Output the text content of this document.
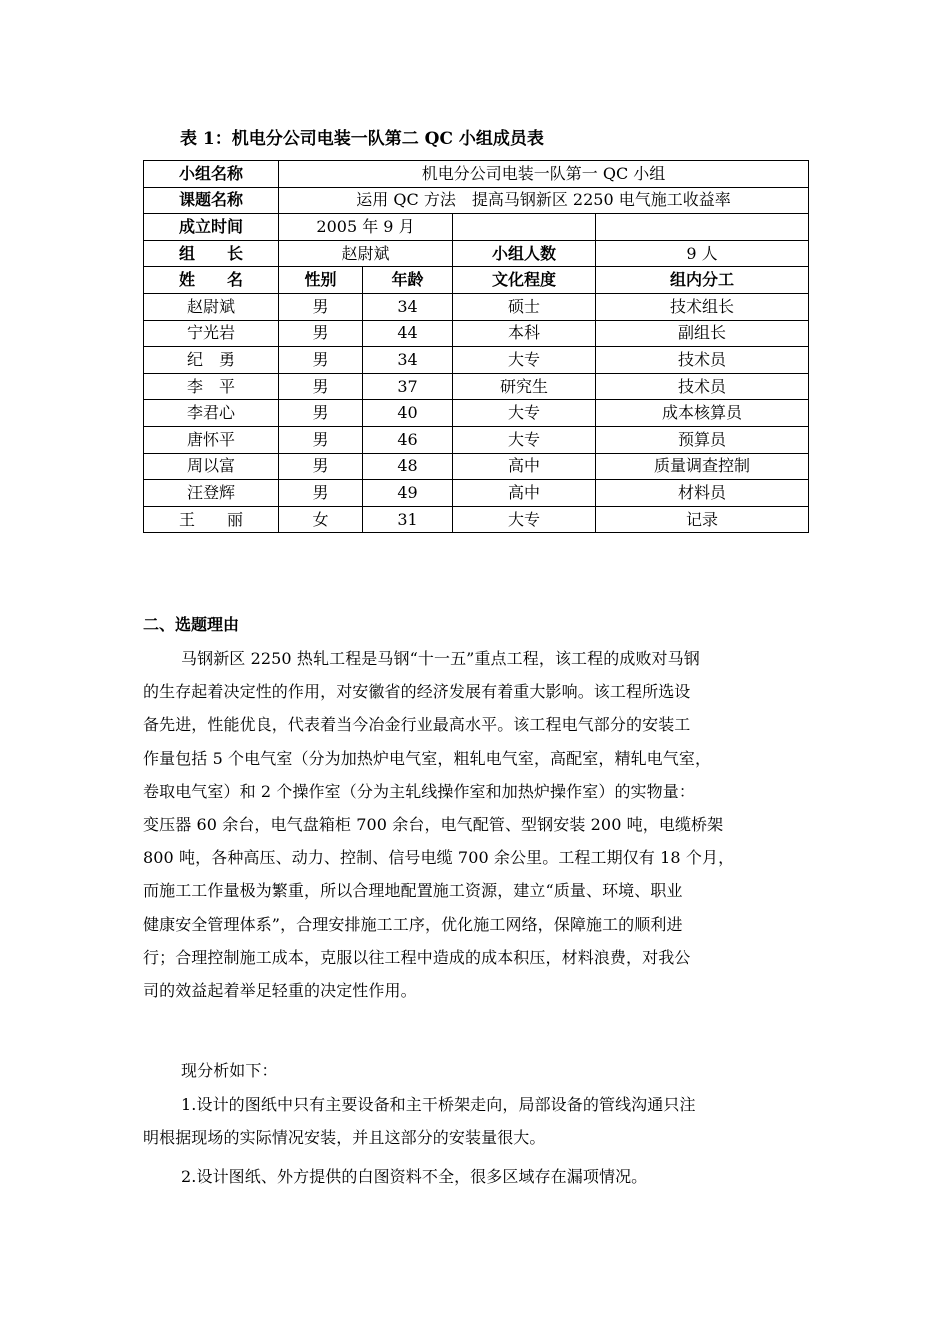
表 1：机电分公司电装一队第二 QC 小组成员表
小组名称	机电分公司电装一队第一 QC 小组			
课题名称	运用 QC 方法　提高马钢新区 2250 电气施工收益率			
成立时间	2005 年 9 月			
组　　长	赵尉斌		小组人数	9 人
姓　　名	性别	年龄	文化程度	组内分工
赵尉斌	男	34	硕士	技术组长
宁光岩	男	44	本科	副组长
纪　勇	男	34	大专	技术员
李　平	男	37	研究生	技术员
李君心	男	40	大专	成本核算员
唐怀平	男	46	大专	预算员
周以富	男	48	高中	质量调查控制
汪登辉	男	49	高中	材料员
王　　丽	女	31	大专	记录
二、选题理由
马钢新区 2250 热轧工程是马钢“十一五”重点工程，该工程的成败对马钢
的生存起着决定性的作用，对安徽省的经济发展有着重大影响。该工程所选设
备先进，性能优良，代表着当今冶金行业最高水平。该工程电气部分的安装工
作量包括 5 个电气室（分为加热炉电气室，粗轧电气室，高配室，精轧电气室，
卷取电气室）和 2 个操作室（分为主轧线操作室和加热炉操作室）的实物量：
变压器 60 余台，电气盘箱柜 700 余台，电气配管、型钢安装 200 吨，电缆桥架
800 吨，各种高压、动力、控制、信号电缆 700 余公里。工程工期仅有 18 个月，
而施工工作量极为繁重，所以合理地配置施工资源，建立“质量、环境、职业
健康安全管理体系”，合理安排施工工序，优化施工网络，保障施工的顺利进
行；合理控制施工成本，克服以往工程中造成的成本积压，材料浪费，对我公
司的效益起着举足轻重的决定性作用。
现分析如下：
1.设计的图纸中只有主要设备和主干桥架走向，局部设备的管线沟通只注
明根据现场的实际情况安装，并且这部分的安装量很大。
2.设计图纸、外方提供的白图资料不全，很多区域存在漏项情况。
